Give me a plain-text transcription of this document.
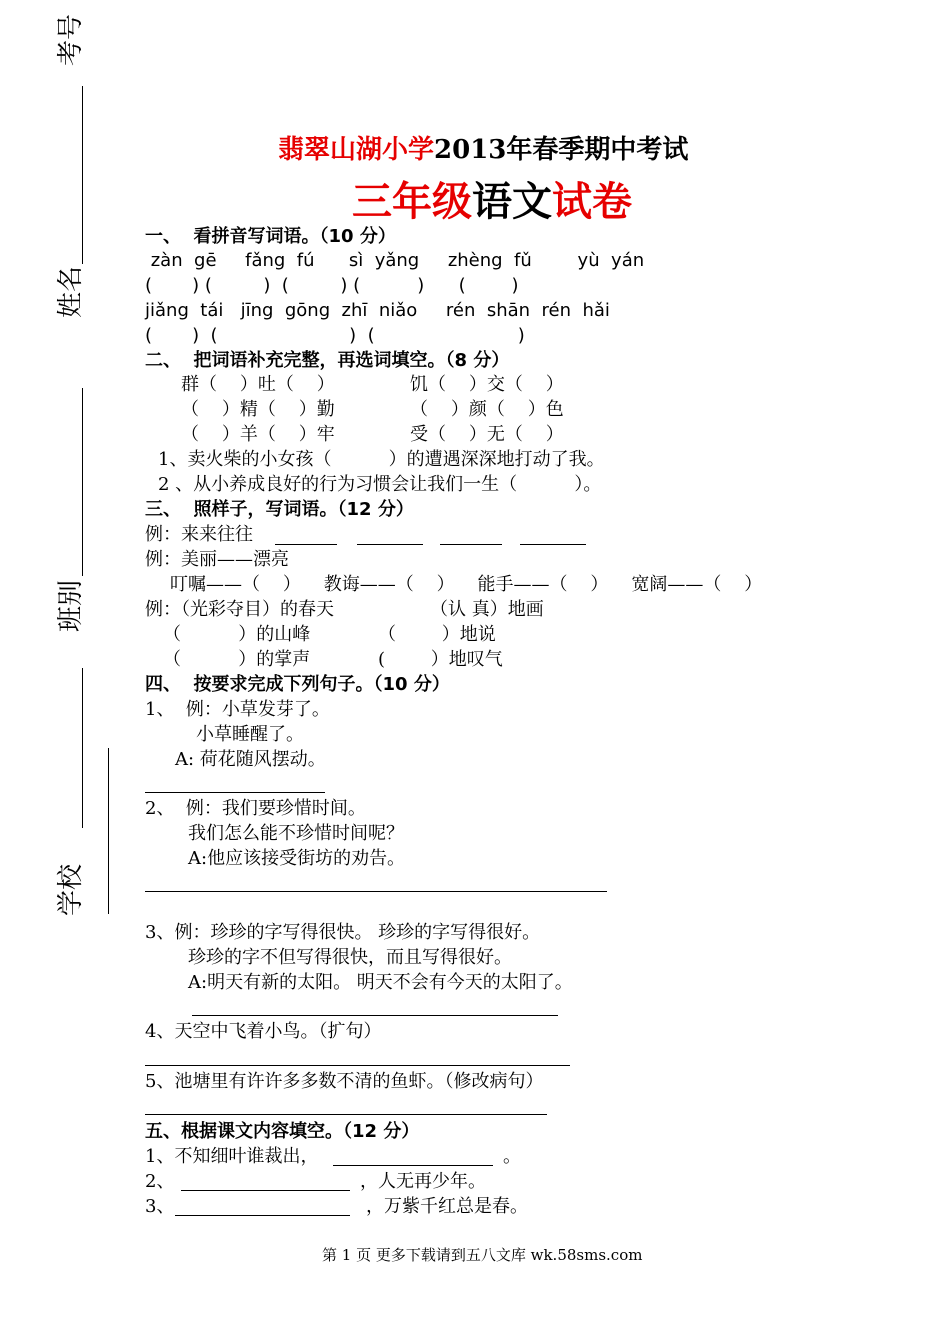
考号
姓名
班别
学校
翡翠山湖小学2013年春季期中考试
三年级语文试卷
一、  看拼音写词语。（10 分）
zàn  gē     fǎng  fú      sì  yǎng     zhèng  fǔ        yù  yán
(       ) (         )  (         ) (          )      (        )
jiǎng  tái   jīng  gōng  zhī  niǎo     rén  shān  rén  hǎi
(       )  (                       )  (                         )
二、  把词语补充完整，再选词填空。（8 分）
群（    ）吐（    ）	饥（    ）交（    ）
（    ）精（    ）勤	（    ）颜（    ）色
（    ）羊（    ）牢	受（    ）无（    ）
1、卖火柴的小女孩（          ）的遭遇深深地打动了我。
2 、从小养成良好的行为习惯会让我们一生（          ）。
三、  照样子，写词语。（12 分）
例：来来往往
例：美丽——漂亮
叮嘱——（    ）    教诲——（    ）    能手——（    ）    宽阔——（    ）
例：（光彩夺目）的春天	（认 真）地画
（          ）的山峰	（        ）地说
（          ）的掌声	(        ）地叹气
四、  按要求完成下列句子。（10 分）
1、  例：小草发芽了。
小草睡醒了。
A: 荷花随风摆动。
2、  例：我们要珍惜时间。
我们怎么能不珍惜时间呢？
A:他应该接受街坊的劝告。
3、例：珍珍的字写得很快。 珍珍的字写得很好。
珍珍的字不但写得很快，而且写得很好。
A:明天有新的太阳。 明天不会有今天的太阳了。
4、天空中飞着小鸟。（扩句）
5、池塘里有许许多多数不清的鱼虾。（修改病句）
五、根据课文内容填空。（12 分）
1、不知细叶谁裁出，	。
2、	，人无再少年。
3、	，万紫千红总是春。
第 1 页 更多下载请到五八文库 wk.58sms.com
